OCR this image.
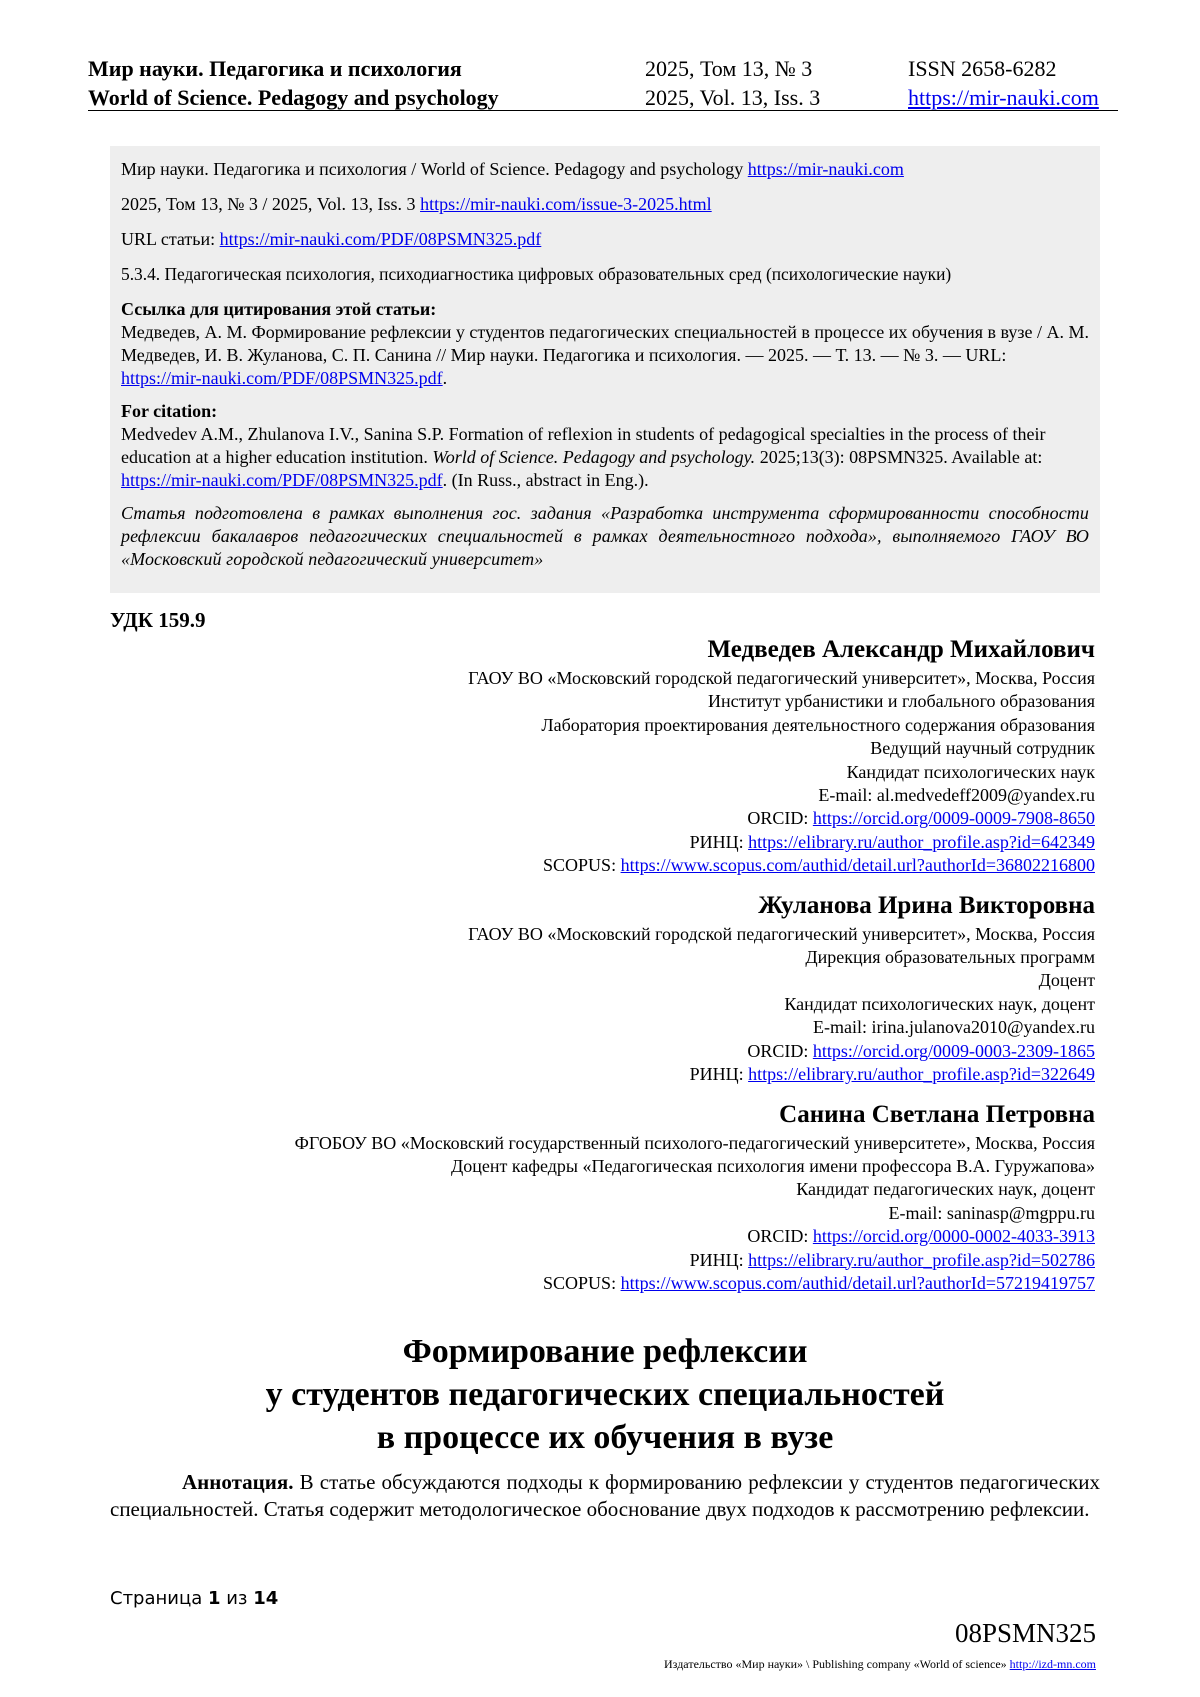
Мир науки. Педагогика и психология
World of Science. Pedagogy and psychology
2025, Том 13, № 3
2025, Vol. 13, Iss. 3
ISSN 2658-6282
https://mir-nauki.com

Мир науки. Педагогика и психология / World of Science. Pedagogy and psychology https://mir-nauki.com

2025, Том 13, № 3 / 2025, Vol. 13, Iss. 3 https://mir-nauki.com/issue-3-2025.html

URL статьи: https://mir-nauki.com/PDF/08PSMN325.pdf

5.3.4. Педагогическая психология, психодиагностика цифровых образовательных сред (психологические науки)

Ссылка для цитирования этой статьи:
Медведев, А. М. Формирование рефлексии у студентов педагогических специальностей в процессе их обучения в вузе / А. М. Медведев, И. В. Жуланова, С. П. Санина // Мир науки. Педагогика и психология. — 2025. — Т. 13. — № 3. — URL: https://mir-nauki.com/PDF/08PSMN325.pdf.

For citation:
Medvedev A.M., Zhulanova I.V., Sanina S.P. Formation of reflexion in students of pedagogical specialties in the process of their education at a higher education institution. World of Science. Pedagogy and psychology. 2025;13(3): 08PSMN325. Available at: https://mir-nauki.com/PDF/08PSMN325.pdf. (In Russ., abstract in Eng.).

Статья подготовлена в рамках выполнения гос. задания «Разработка инструмента сформированности способности рефлексии бакалавров педагогических специальностей в рамках деятельностного подхода», выполняемого ГАОУ ВО «Московский городской педагогический университет»

УДК 159.9
Медведев Александр Михайлович
ГАОУ ВО «Московский городской педагогический университет», Москва, Россия
Институт урбанистики и глобального образования
Лаборатория проектирования деятельностного содержания образования
Ведущий научный сотрудник
Кандидат психологических наук
E-mail: al.medvedeff2009@yandex.ru
ORCID: https://orcid.org/0009-0009-7908-8650
РИНЦ: https://elibrary.ru/author_profile.asp?id=642349
SCOPUS: https://www.scopus.com/authid/detail.url?authorId=36802216800
Жуланова Ирина Викторовна
ГАОУ ВО «Московский городской педагогический университет», Москва, Россия
Дирекция образовательных программ
Доцент
Кандидат психологических наук, доцент
E-mail: irina.julanova2010@yandex.ru
ORCID: https://orcid.org/0009-0003-2309-1865
РИНЦ: https://elibrary.ru/author_profile.asp?id=322649
Санина Светлана Петровна
ФГОБОУ ВО «Московский государственный психолого-педагогический университете», Москва, Россия
Доцент кафедры «Педагогическая психология имени профессора В.А. Гуружапова»
Кандидат педагогических наук, доцент
E-mail: saninasp@mgppu.ru
ORCID: https://orcid.org/0000-0002-4033-3913
РИНЦ: https://elibrary.ru/author_profile.asp?id=502786
SCOPUS: https://www.scopus.com/authid/detail.url?authorId=57219419757
Формирование рефлексии
у студентов педагогических специальностей
в процессе их обучения в вузе

Аннотация. В статье обсуждаются подходы к формированию рефлексии у студентов педагогических специальностей. Статья содержит методологическое обоснование двух подходов к рассмотрению рефлексии.

Страница 1 из 14
08PSMN325
Издательство «Мир науки» \ Publishing company «World of science» http://izd-mn.com
